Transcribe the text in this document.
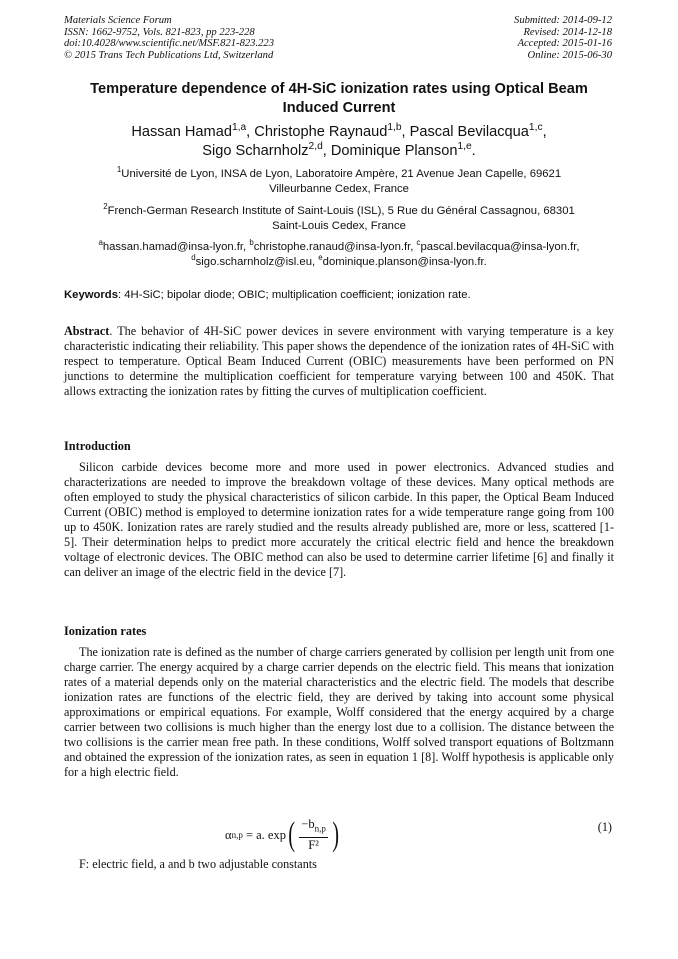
Materials Science Forum
ISSN: 1662-9752, Vols. 821-823, pp 223-228
doi:10.4028/www.scientific.net/MSF.821-823.223
© 2015 Trans Tech Publications Ltd, Switzerland
Submitted: 2014-09-12
Revised: 2014-12-18
Accepted: 2015-01-16
Online: 2015-06-30
Temperature dependence of 4H-SiC ionization rates using Optical Beam
Induced Current
Hassan Hamad$^{1,a}$, Christophe Raynaud$^{1,b}$, Pascal Bevilacqua$^{1,c}$,
Sigo Scharnholz$^{2,d}$, Dominique Planson$^{1,e}$.
$^1$Université de Lyon, INSA de Lyon, Laboratoire Ampère, 21 Avenue Jean Capelle, 69621
Villeurbanne Cedex, France
$^2$French-German Research Institute of Saint-Louis (ISL), 5 Rue du Général Cassagnou, 68301
Saint-Louis Cedex, France
$^a$hassan.hamad@insa-lyon.fr, $^b$christophe.ranaud@insa-lyon.fr, $^c$pascal.bevilacqua@insa-lyon.fr,
$^d$sigo.scharnholz@isl.eu, $^e$dominique.planson@insa-lyon.fr.
Keywords: 4H-SiC; bipolar diode; OBIC; multiplication coefficient; ionization rate.
Abstract. The behavior of 4H-SiC power devices in severe environment with varying temperature is a key characteristic indicating their reliability. This paper shows the dependence of the ionization rates of 4H-SiC with respect to temperature. Optical Beam Induced Current (OBIC) measurements have been performed on PN junctions to determine the multiplication coefficient for temperature varying between 100 and 450K. That allows extracting the ionization rates by fitting the curves of multiplication coefficient.
Introduction
Silicon carbide devices become more and more used in power electronics. Advanced studies and characterizations are needed to improve the breakdown voltage of these devices. Many optical methods are often employed to study the physical characteristics of silicon carbide. In this paper, the Optical Beam Induced Current (OBIC) method is employed to determine ionization rates for a wide temperature range going from 100 up to 450K. Ionization rates are rarely studied and the results already published are, more or less, scattered [1-5]. Their determination helps to predict more accurately the critical electric field and hence the breakdown voltage of electronic devices. The OBIC method can also be used to determine carrier lifetime [6] and finally it can deliver an image of the electric field in the device [7].
Ionization rates
The ionization rate is defined as the number of charge carriers generated by collision per length unit from one charge carrier. The energy acquired by a charge carrier depends on the electric field. This means that ionization rates of a material depends only on the material characteristics and the electric field. The models that describe ionization rates are functions of the electric field, they are derived by taking into account some physical approximations or empirical equations. For example, Wolff considered that the energy acquired by a charge carrier between two collisions is much higher than the energy lost due to a collision. The distance between the two collisions is the carrier mean free path. In these conditions, Wolff solved transport equations of Boltzmann and obtained the expression of the ionization rates, as seen in equation 1 [8]. Wolff hypothesis is applicable only for a high electric field.
α n,p = a. exp ( $\frac{-b_{n,p}}{\text{F²}}$ )	(1)
F: electric field, a and b two adjustable constants
